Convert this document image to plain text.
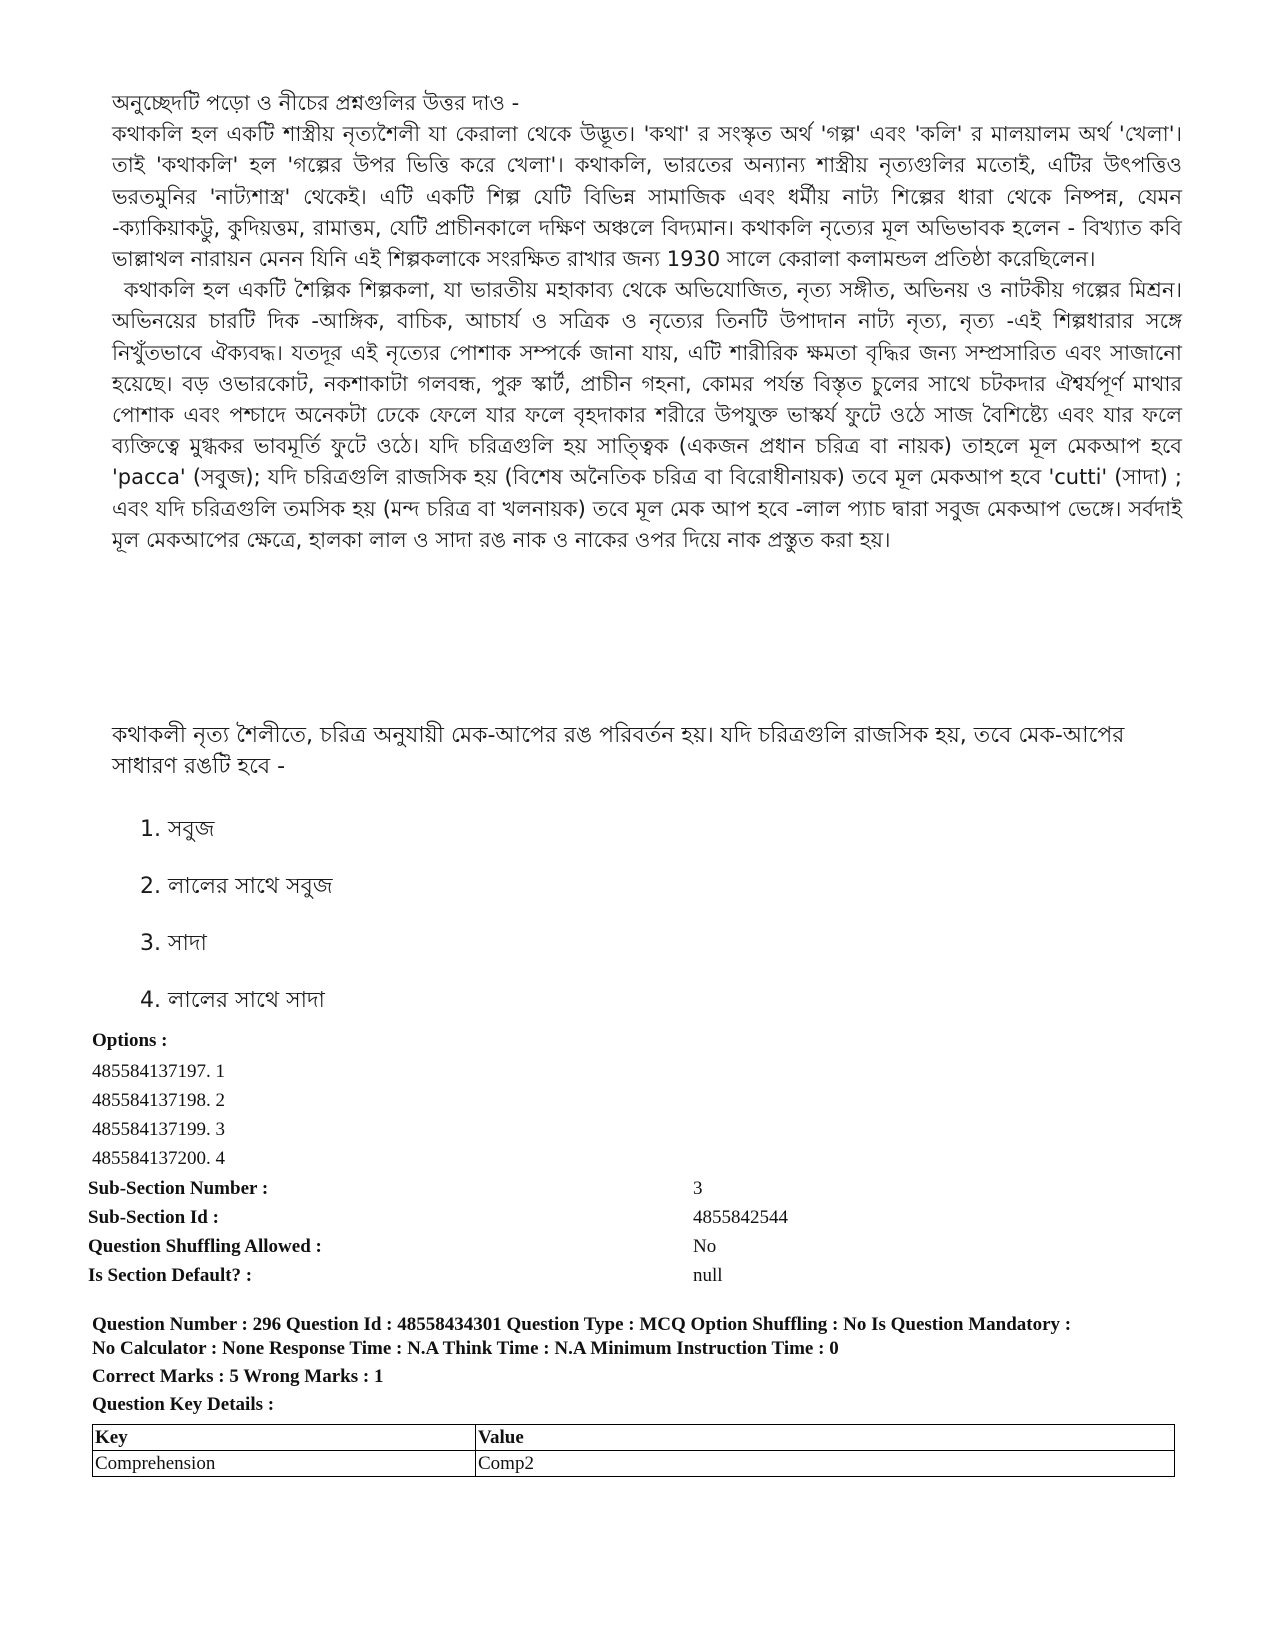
অনুচ্ছেদটি পড়ো ও নীচের প্রশ্নগুলির উত্তর দাও -

কথাকলি হল একটি শাস্ত্রীয় নৃত্যশৈলী যা কেরালা থেকে উদ্ভূত। 'কথা' র সংস্কৃত অর্থ 'গল্প' এবং 'কলি' র মালয়ালম অর্থ 'খেলা'। তাই 'কথাকলি' হল 'গল্পের উপর ভিত্তি করে খেলা'। কথাকলি, ভারতের অন্যান্য শাস্ত্রীয় নৃত্যগুলির মতোই, এটির উৎপত্তিও ভরতমুনির 'নাট্যশাস্ত্র' থেকেই। এটি একটি শিল্প যেটি বিভিন্ন সামাজিক এবং ধর্মীয় নাট্য শিল্পের ধারা থেকে নিষ্পন্ন, যেমন -ক্যাকিয়াকট্টু, কুদিয়ত্তম, রামাত্তম, যেটি প্রাচীনকালে দক্ষিণ অঞ্চলে বিদ্যমান। কথাকলি নৃত্যের মূল অভিভাবক হলেন - বিখ্যাত কবি ভাল্লাথল নারায়ন মেনন যিনি এই শিল্পকলাকে সংরক্ষিত রাখার জন্য 1930 সালে কেরালা কলামন্ডল প্রতিষ্ঠা করেছিলেন।

কথাকলি হল একটি শৈল্পিক শিল্পকলা, যা ভারতীয় মহাকাব্য থেকে অভিযোজিত, নৃত্য সঙ্গীত, অভিনয় ও নাটকীয় গল্পের মিশ্রন। অভিনয়ের চারটি দিক -আঙ্গিক, বাচিক, আচার্য ও সত্রিক ও নৃত্যের তিনটি উপাদান নাট্য নৃত্য, নৃত্য -এই শিল্পধারার সঙ্গে নিখুঁতভাবে ঐক্যবদ্ধ। যতদূর এই নৃত্যের পোশাক সম্পর্কে জানা যায়, এটি শারীরিক ক্ষমতা বৃদ্ধির জন্য সম্প্রসারিত এবং সাজানো হয়েছে। বড় ওভারকোট, নকশাকাটা গলবন্ধ, পুরু স্কার্ট, প্রাচীন গহনা, কোমর পর্যন্ত বিস্তৃত চুলের সাথে চটকদার ঐশ্বর্যপূর্ণ মাথার পোশাক এবং পশ্চাদে অনেকটা ঢেকে ফেলে যার ফলে বৃহদাকার শরীরে উপযুক্ত ভাস্কর্য ফুটে ওঠে সাজ বৈশিষ্ট্যে এবং যার ফলে ব্যক্তিত্বে মুগ্ধকর ভাবমূর্তি ফুটে ওঠে। যদি চরিত্রগুলি হয় সাত্ত্বিক (একজন প্রধান চরিত্র বা নায়ক) তাহলে মূল মেকআপ হবে 'pacca' (সবুজ); যদি চরিত্রগুলি রাজসিক হয় (বিশেষ অনৈতিক চরিত্র বা বিরোধীনায়ক) তবে মূল মেকআপ হবে 'cutti' (সাদা) ; এবং যদি চরিত্রগুলি তমসিক হয় (মন্দ চরিত্র বা খলনায়ক) তবে মূল মেক আপ হবে -লাল প্যাচ দ্বারা সবুজ মেকআপ ভেঙ্গে। সর্বদাই মূল মেকআপের ক্ষেত্রে, হালকা লাল ও সাদা রঙ নাক ও নাকের ওপর দিয়ে নাক প্রস্তুত করা হয়।

কথাকলী নৃত্য শৈলীতে, চরিত্র অনুযায়ী মেক-আপের রঙ পরিবর্তন হয়। যদি চরিত্রগুলি রাজসিক হয়, তবে মেক-আপের সাধারণ রঙটি হবে -

1. সবুজ
2. লালের সাথে সবুজ
3. সাদা
4. লালের সাথে সাদা
Options :
485584137197. 1
485584137198. 2
485584137199. 3
485584137200. 4
Sub-Section Number :	3
Sub-Section Id :	4855842544
Question Shuffling Allowed :	No
Is Section Default? :	null

Question Number : 296 Question Id : 48558434301 Question Type : MCQ Option Shuffling : No Is Question Mandatory :

No Calculator : None Response Time : N.A Think Time : N.A Minimum Instruction Time : 0

Correct Marks : 5 Wrong Marks : 1

Question Key Details :

Key	Value
Comprehension	Comp2
